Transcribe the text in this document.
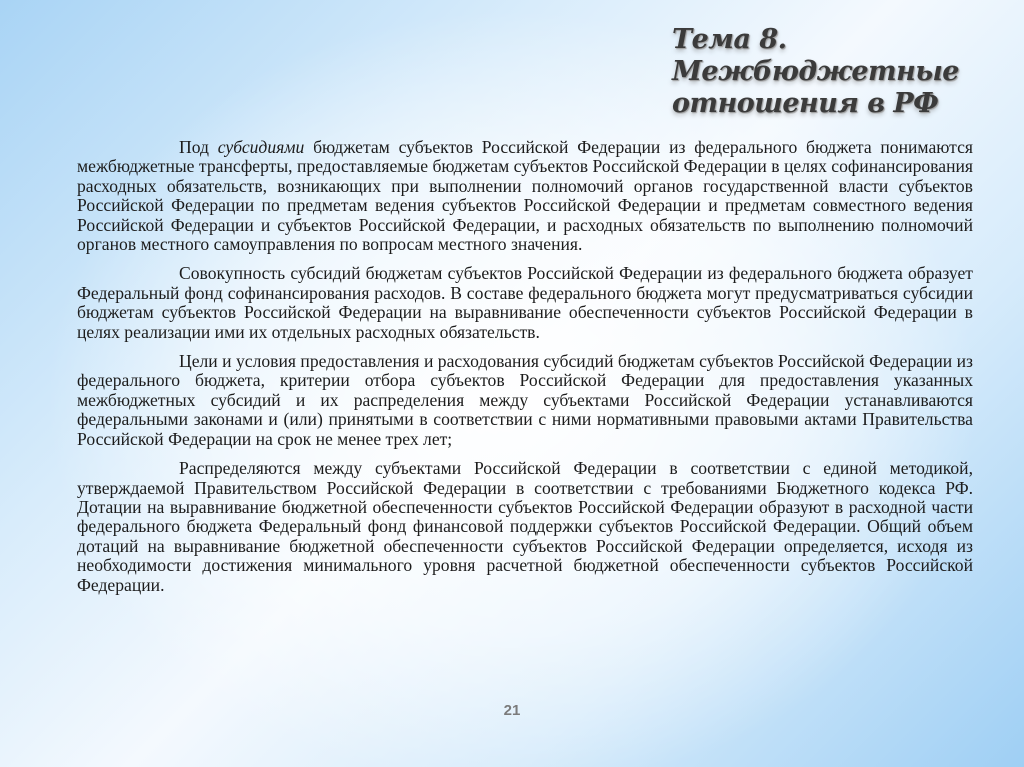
Тема 8. Межбюджетные
отношения в РФ

Под субсидиями бюджетам субъектов Российской Федерации из федерального бюджета понимаются межбюджетные трансферты, предоставляемые бюджетам субъектов Российской Федерации в целях софинансирования расходных обязательств, возникающих при выполнении полномочий органов государственной власти субъектов Российской Федерации по предметам ведения субъектов Российской Федерации и предметам совместного ведения Российской Федерации и субъектов Российской Федерации, и расходных обязательств по выполнению полномочий органов местного самоуправления по вопросам местного значения.

Совокупность субсидий бюджетам субъектов Российской Федерации из федерального бюджета образует Федеральный фонд софинансирования расходов. В составе федерального бюджета могут предусматриваться субсидии бюджетам субъектов Российской Федерации на выравнивание обеспеченности субъектов Российской Федерации в целях реализации ими их отдельных расходных обязательств.

Цели и условия предоставления и расходования субсидий бюджетам субъектов Российской Федерации из федерального бюджета, критерии отбора субъектов Российской Федерации для предоставления указанных межбюджетных субсидий и их распределения между субъектами Российской Федерации устанавливаются федеральными законами и (или) принятыми в соответствии с ними нормативными правовыми актами Правительства Российской Федерации на срок не менее трех лет;

Распределяются между субъектами Российской Федерации в соответствии с единой методикой, утверждаемой Правительством Российской Федерации в соответствии с требованиями Бюджетного кодекса РФ. Дотации на выравнивание бюджетной обеспеченности субъектов Российской Федерации образуют в расходной части федерального бюджета Федеральный фонд финансовой поддержки субъектов Российской Федерации. Общий объем дотаций на выравнивание бюджетной обеспеченности субъектов Российской Федерации определяется, исходя из необходимости достижения минимального уровня расчетной бюджетной обеспеченности субъектов Российской Федерации.

21
